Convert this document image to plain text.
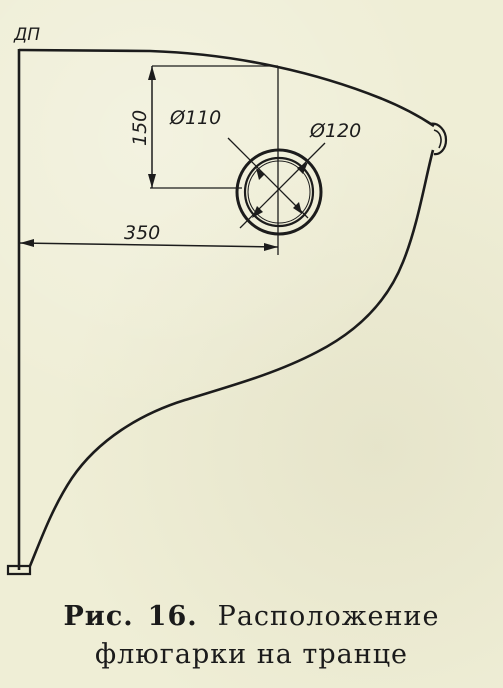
ДП
150
350
Ø110
Ø120
Рис. 16. Расположение
флюгарки на транце
